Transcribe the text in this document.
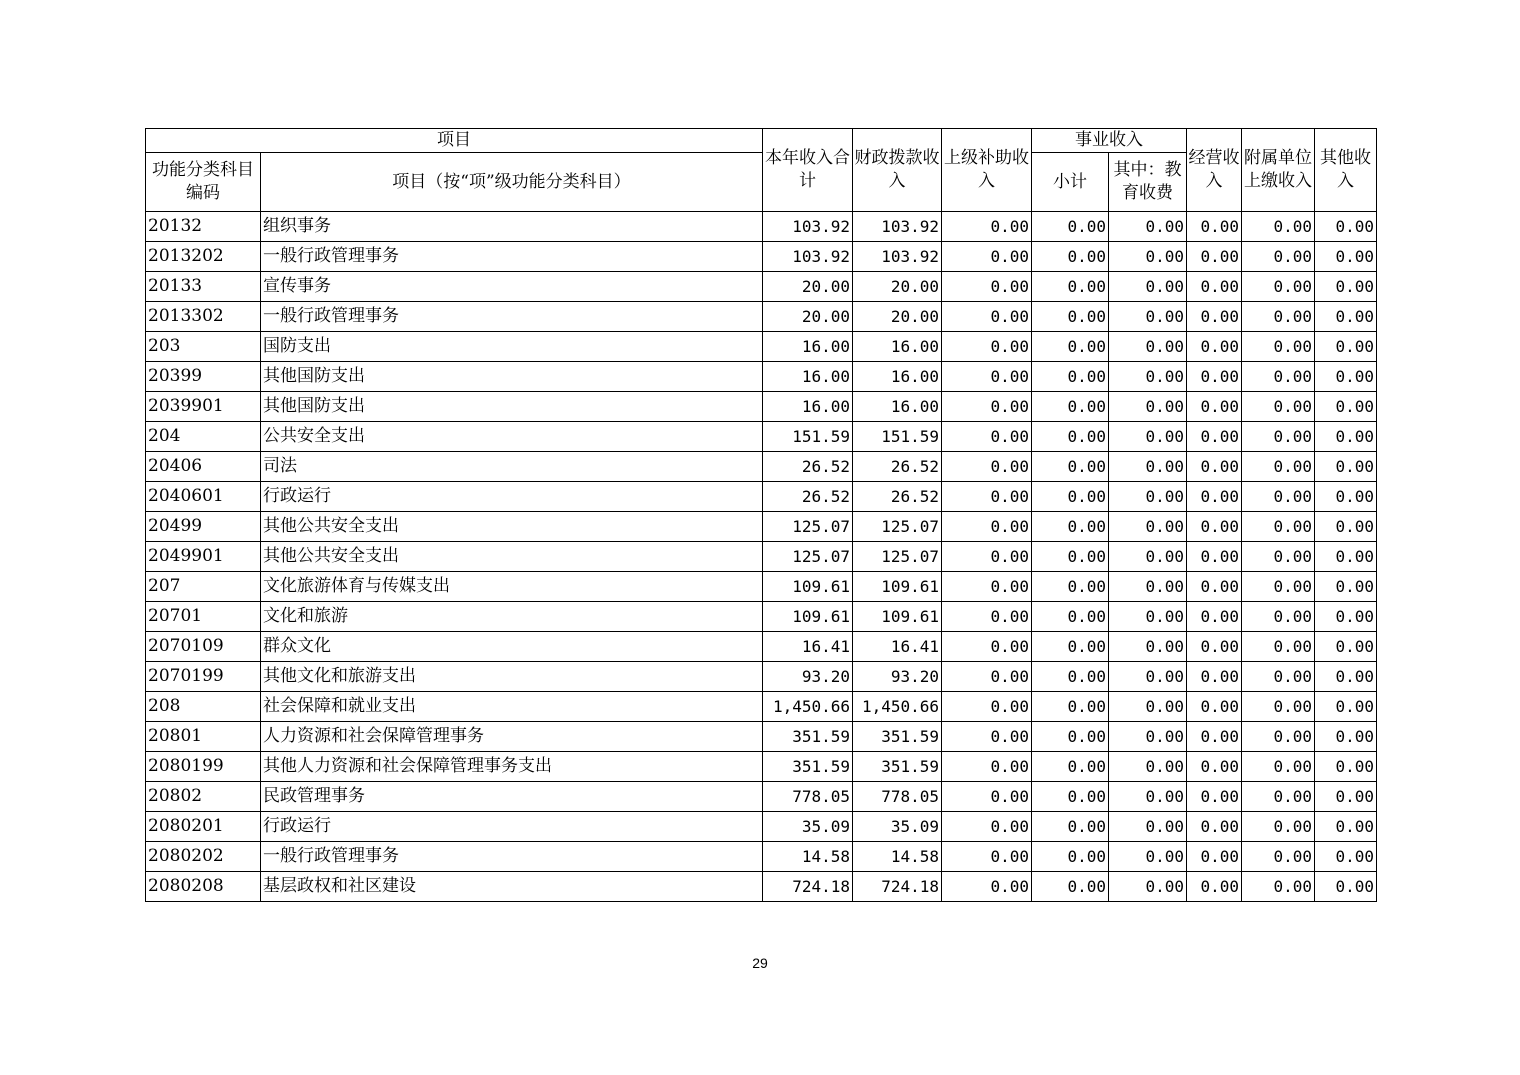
项目		本年收入合计	财政拨款收入	上级补助收入	事业收入		经营收入	附属单位上缴收入	其他收入
功能分类科目编码	项目（按“项”级功能分类科目）				小计	其中：教育收费			
20132	组织事务	103.92	103.92	0.00	0.00	0.00	0.00	0.00	0.00
2013202	一般行政管理事务	103.92	103.92	0.00	0.00	0.00	0.00	0.00	0.00
20133	宣传事务	20.00	20.00	0.00	0.00	0.00	0.00	0.00	0.00
2013302	一般行政管理事务	20.00	20.00	0.00	0.00	0.00	0.00	0.00	0.00
203	国防支出	16.00	16.00	0.00	0.00	0.00	0.00	0.00	0.00
20399	其他国防支出	16.00	16.00	0.00	0.00	0.00	0.00	0.00	0.00
2039901	其他国防支出	16.00	16.00	0.00	0.00	0.00	0.00	0.00	0.00
204	公共安全支出	151.59	151.59	0.00	0.00	0.00	0.00	0.00	0.00
20406	司法	26.52	26.52	0.00	0.00	0.00	0.00	0.00	0.00
2040601	行政运行	26.52	26.52	0.00	0.00	0.00	0.00	0.00	0.00
20499	其他公共安全支出	125.07	125.07	0.00	0.00	0.00	0.00	0.00	0.00
2049901	其他公共安全支出	125.07	125.07	0.00	0.00	0.00	0.00	0.00	0.00
207	文化旅游体育与传媒支出	109.61	109.61	0.00	0.00	0.00	0.00	0.00	0.00
20701	文化和旅游	109.61	109.61	0.00	0.00	0.00	0.00	0.00	0.00
2070109	群众文化	16.41	16.41	0.00	0.00	0.00	0.00	0.00	0.00
2070199	其他文化和旅游支出	93.20	93.20	0.00	0.00	0.00	0.00	0.00	0.00
208	社会保障和就业支出	1,450.66	1,450.66	0.00	0.00	0.00	0.00	0.00	0.00
20801	人力资源和社会保障管理事务	351.59	351.59	0.00	0.00	0.00	0.00	0.00	0.00
2080199	其他人力资源和社会保障管理事务支出	351.59	351.59	0.00	0.00	0.00	0.00	0.00	0.00
20802	民政管理事务	778.05	778.05	0.00	0.00	0.00	0.00	0.00	0.00
2080201	行政运行	35.09	35.09	0.00	0.00	0.00	0.00	0.00	0.00
2080202	一般行政管理事务	14.58	14.58	0.00	0.00	0.00	0.00	0.00	0.00
2080208	基层政权和社区建设	724.18	724.18	0.00	0.00	0.00	0.00	0.00	0.00
29
